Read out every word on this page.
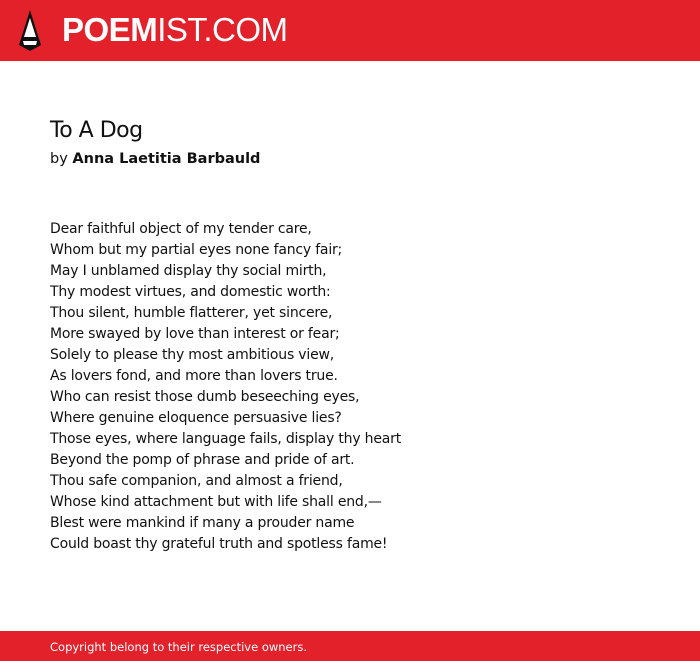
POEMIST.COM
To A Dog
by Anna Laetitia Barbauld
Dear faithful object of my tender care,
Whom but my partial eyes none fancy fair;
May I unblamed display thy social mirth,
Thy modest virtues, and domestic worth:
Thou silent, humble flatterer, yet sincere,
More swayed by love than interest or fear;
Solely to please thy most ambitious view,
As lovers fond, and more than lovers true.
Who can resist those dumb beseeching eyes,
Where genuine eloquence persuasive lies?
Those eyes, where language fails, display thy heart
Beyond the pomp of phrase and pride of art.
Thou safe companion, and almost a friend,
Whose kind attachment but with life shall end,—
Blest were mankind if many a prouder name
Could boast thy grateful truth and spotless fame!
Copyright belong to their respective owners.
